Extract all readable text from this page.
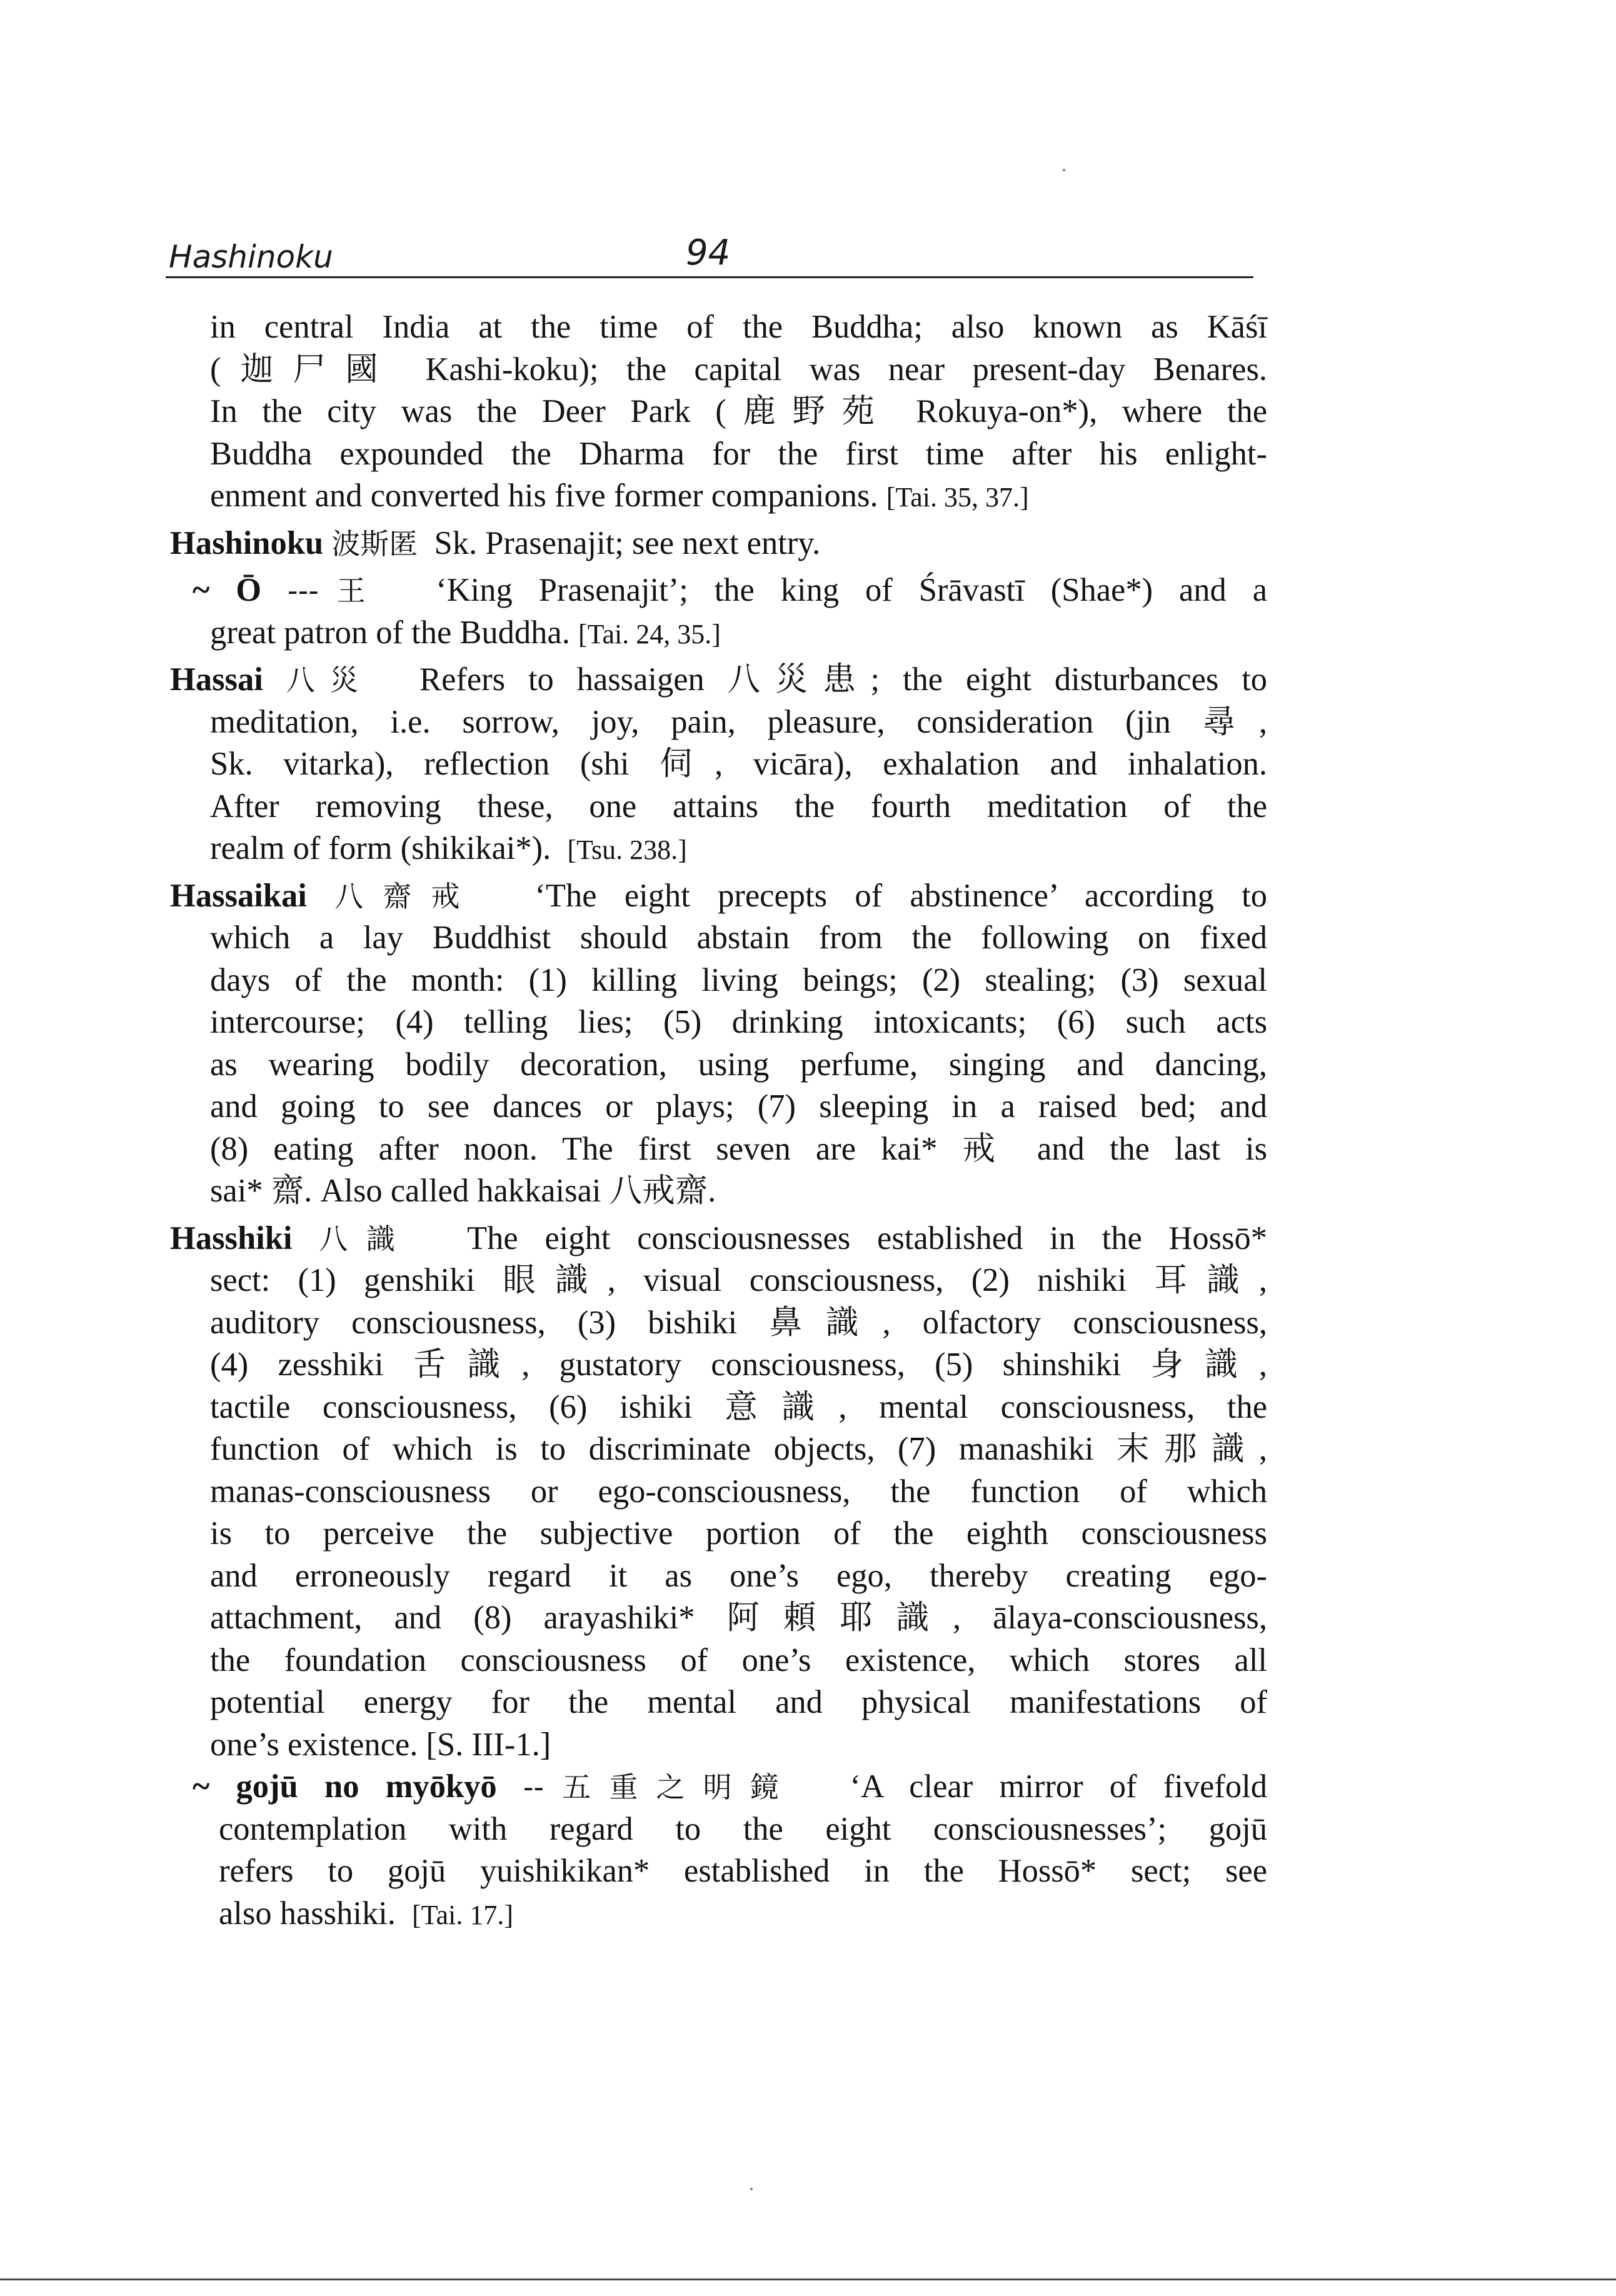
Hashinoku	94
in central India at the time of the Buddha; also known as Kāśī
(迦尸國 Kashi-koku); the capital was near present-day Benares.
In the city was the Deer Park (鹿野苑 Rokuya-on*), where the
Buddha expounded the Dharma for the first time after his enlight-
enment and converted his five former companions. [Tai. 35, 37.]
Hashinoku 波斯匿 Sk. Prasenajit; see next entry.
~ Ō ---王 ‘King Prasenajit’; the king of Śrāvastī (Shae*) and a
great patron of the Buddha. [Tai. 24, 35.]
Hassai 八災 Refers to hassaigen 八災患; the eight disturbances to
meditation, i.e. sorrow, joy, pain, pleasure, consideration (jin 尋,
Sk. vitarka), reflection (shi 伺, vicāra), exhalation and inhalation.
After removing these, one attains the fourth meditation of the
realm of form (shikikai*). [Tsu. 238.]
Hassaikai 八齋戒 ‘The eight precepts of abstinence’ according to
which a lay Buddhist should abstain from the following on fixed
days of the month: (1) killing living beings; (2) stealing; (3) sexual
intercourse; (4) telling lies; (5) drinking intoxicants; (6) such acts
as wearing bodily decoration, using perfume, singing and dancing,
and going to see dances or plays; (7) sleeping in a raised bed; and
(8) eating after noon. The first seven are kai* 戒 and the last is
sai* 齋. Also called hakkaisai 八戒齋.
Hasshiki 八識 The eight consciousnesses established in the Hossō*
sect: (1) genshiki 眼識, visual consciousness, (2) nishiki 耳識,
auditory consciousness, (3) bishiki 鼻識, olfactory consciousness,
(4) zesshiki 舌識, gustatory consciousness, (5) shinshiki 身識,
tactile consciousness, (6) ishiki 意識, mental consciousness, the
function of which is to discriminate objects, (7) manashiki 末那識,
manas-consciousness or ego-consciousness, the function of which
is to perceive the subjective portion of the eighth consciousness
and erroneously regard it as one’s ego, thereby creating ego-
attachment, and (8) arayashiki* 阿頼耶識, ālaya-consciousness,
the foundation consciousness of one’s existence, which stores all
potential energy for the mental and physical manifestations of
one’s existence. [S. III-1.]
~ gojū no myōkyō --五重之明鏡 ‘A clear mirror of fivefold
contemplation with regard to the eight consciousnesses’; gojū
refers to gojū yuishikikan* established in the Hossō* sect; see
also hasshiki. [Tai. 17.]
